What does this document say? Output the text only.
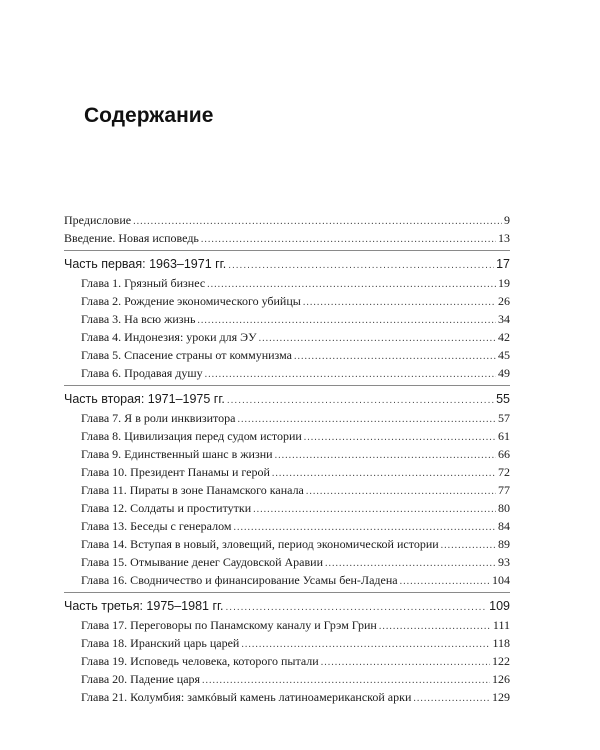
Содержание
Предисловие .....	9
Введение. Новая исповедь .....	13
Часть первая: 1963–1971 гг. .....	17
Глава 1. Грязный бизнес .....	19
Глава 2. Рождение экономического убийцы .....	26
Глава 3. На всю жизнь .....	34
Глава 4. Индонезия: уроки для ЭУ .....	42
Глава 5. Спасение страны от коммунизма .....	45
Глава 6. Продавая душу .....	49
Часть вторая: 1971–1975 гг. .....	55
Глава 7. Я в роли инквизитора .....	57
Глава 8. Цивилизация перед судом истории .....	61
Глава 9. Единственный шанс в жизни .....	66
Глава 10. Президент Панамы и герой .....	72
Глава 11. Пираты в зоне Панамского канала .....	77
Глава 12. Солдаты и проститутки .....	80
Глава 13. Беседы с генералом .....	84
Глава 14. Вступая в новый, зловещий, период экономической истории .....	89
Глава 15. Отмывание денег Саудовской Аравии .....	93
Глава 16. Сводничество и финансирование Усамы бен-Ладена .....	104
Часть третья: 1975–1981 гг. .....	109
Глава 17. Переговоры по Панамскому каналу и Грэм Грин .....	111
Глава 18. Иранский царь царей .....	118
Глава 19. Исповедь человека, которого пытали .....	122
Глава 20. Падение царя .....	126
Глава 21. Колумбия: замкóвый камень латиноамериканской арки .....	129
